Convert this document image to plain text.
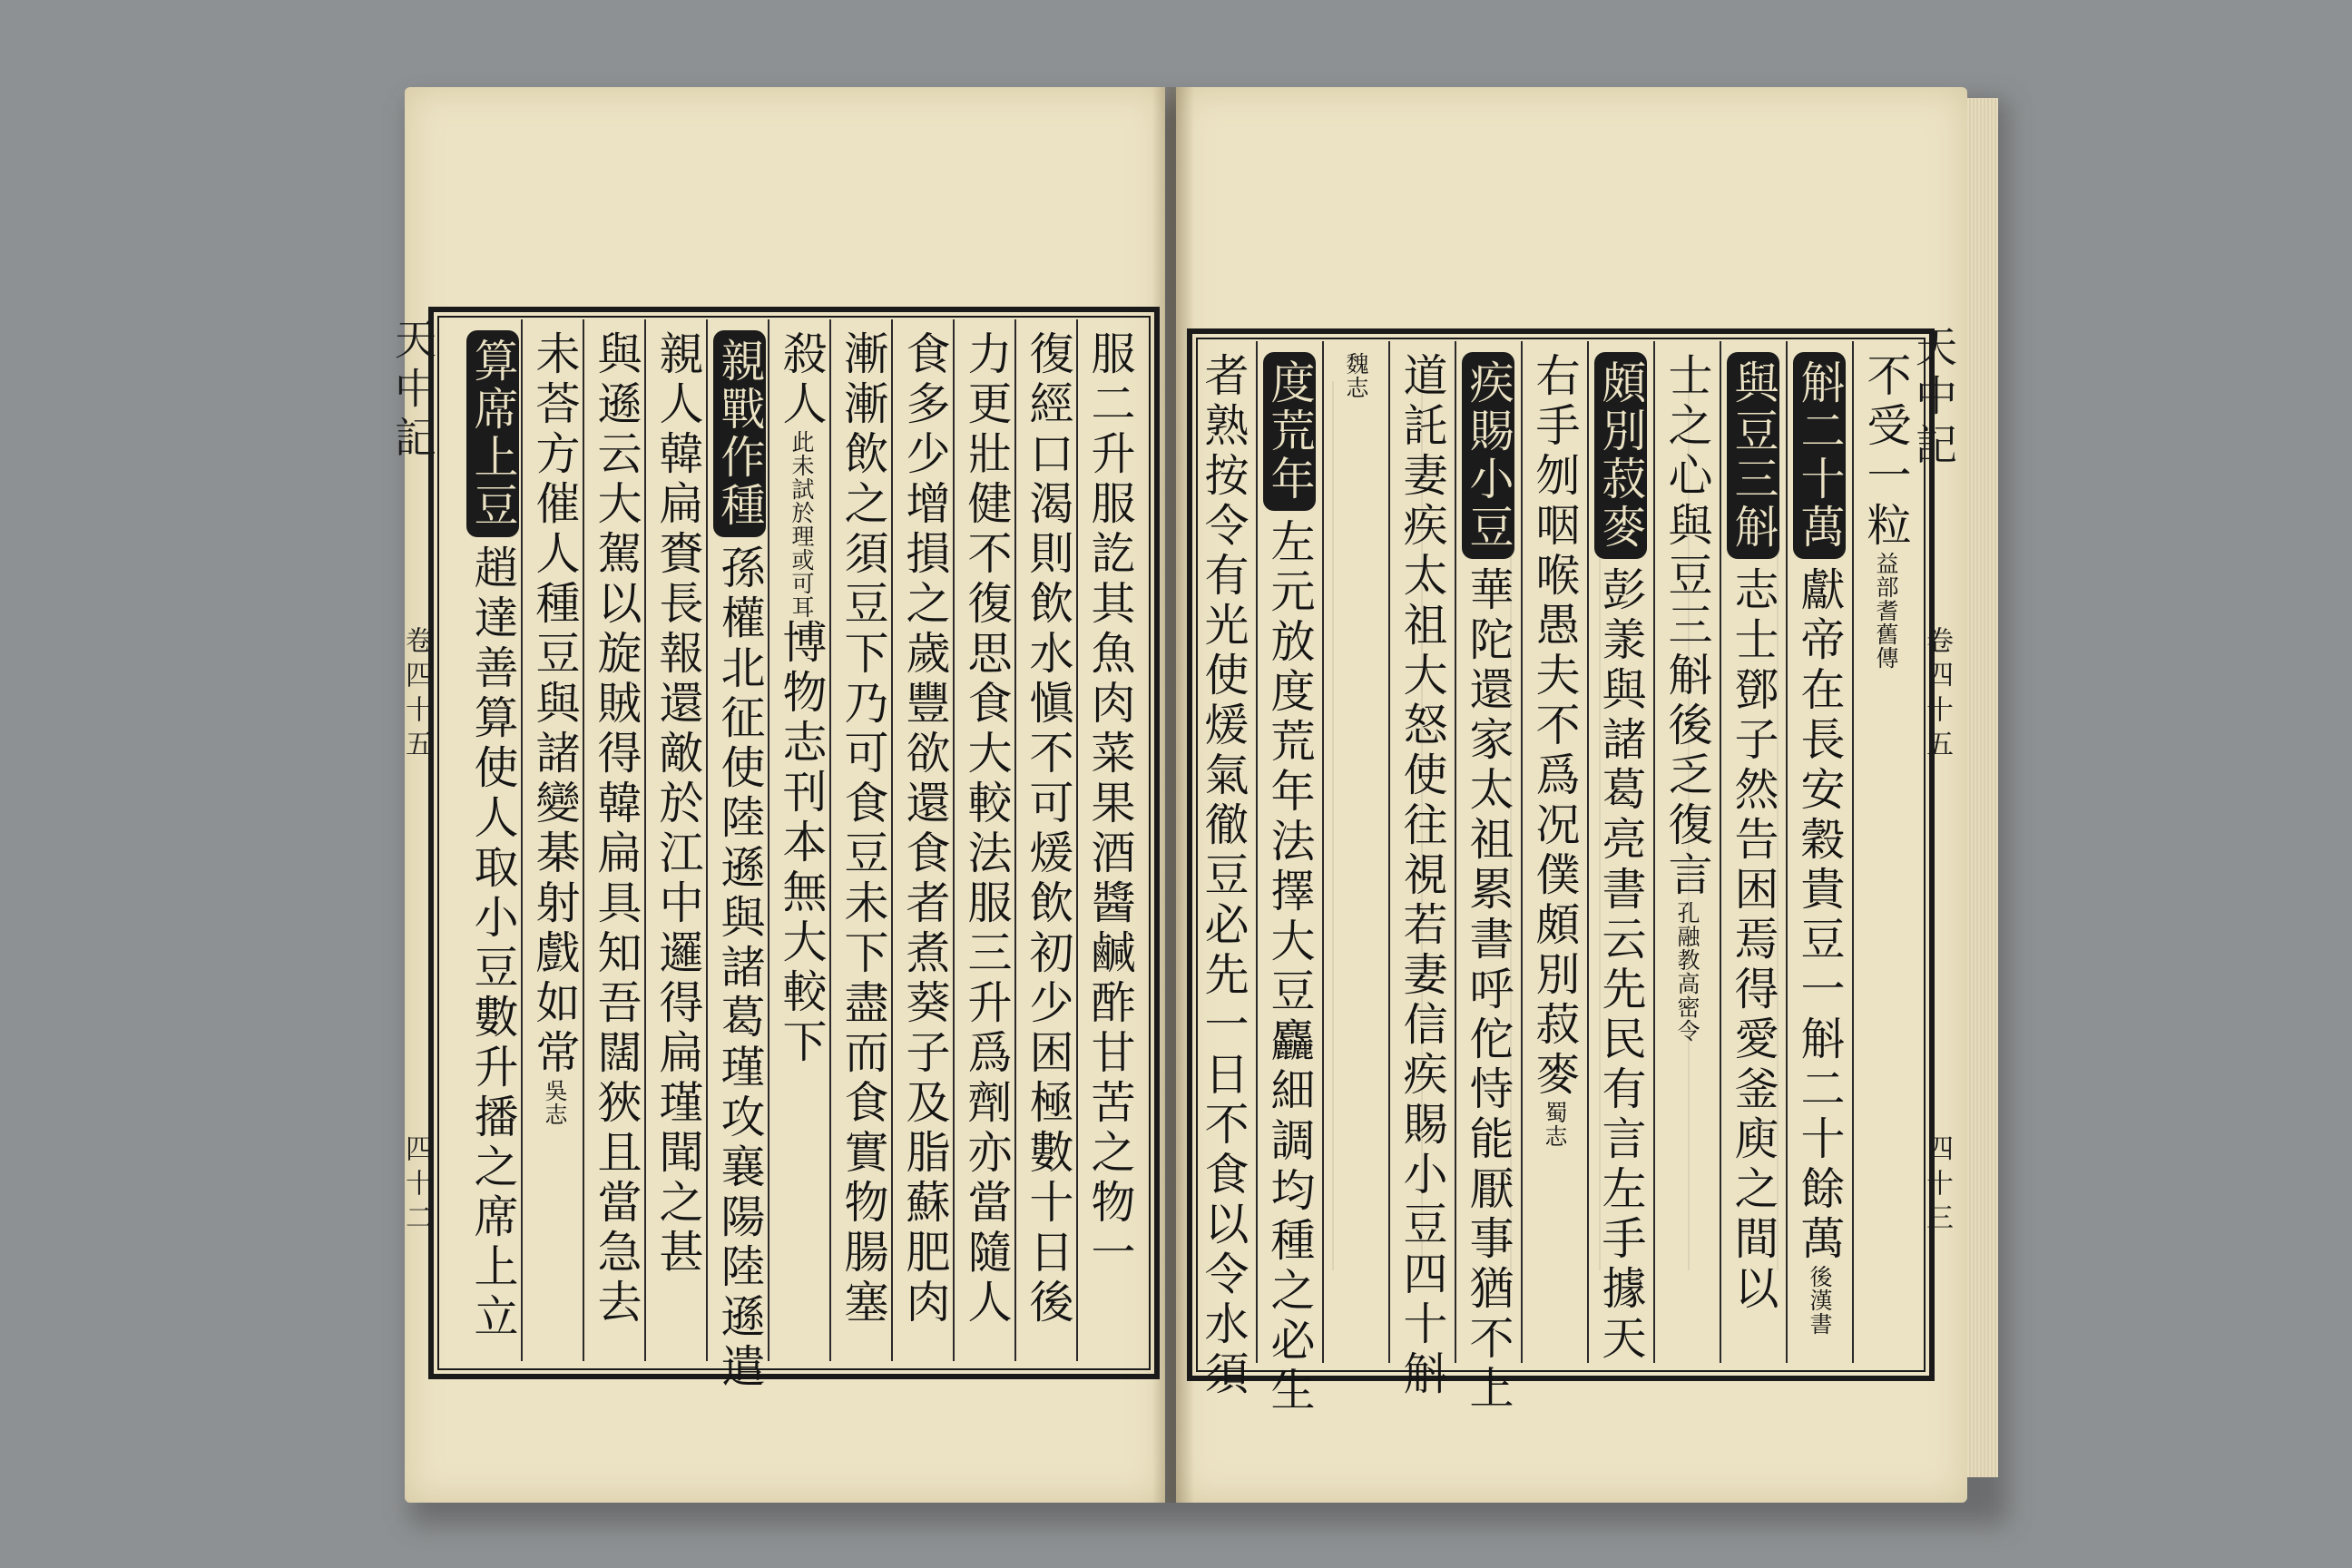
天中記
卷四十五
四十二
天中記
卷四十五
四十三
服二升服訖其魚肉菜果酒醬鹹酢甘苦之物一
復經口渴則飲水愼不可煖飲初少困極數十日後
力更壯健不復思食大較法服三升爲劑亦當隨人
食多少增損之歲豐欲還食者煮葵子及脂蘇肥肉
漸漸飲之須豆下乃可食豆未下盡而食實物腸塞
殺人此未試於理或可耳博物志刊本無大較下
親戰作種孫權北征使陸遜與諸葛瑾攻襄陽陸遜遣
親人韓扁賚長報還敵於江中邏得扁瑾聞之甚
與遜云大駕以旋賊得韓扁具知吾闊狹且當急去
未荅方催人種豆與諸變棊射戲如常吳志
算席上豆趙達善算使人取小豆數升播之席上立
不受一粒益部耆舊傳
斛二十萬獻帝在長安穀貴豆一斛二十餘萬後漢書
與豆三斛志士鄧子然告困焉得愛釜庾之間以
士之心與豆三斛後乏復言孔融教高密令
頗別菽麥彭羕與諸葛亮書云先民有言左手據天
右手刎咽喉愚夫不爲况僕頗別菽麥蜀志
疾賜小豆華陀還家太祖累書呼佗恃能厭事猶不上
道託妻疾太祖大怒使往視若妻信疾賜小豆四十斛
魏志
度荒年左元放度荒年法擇大豆麤細調均種之必生
者熟按令有光使煖氣徹豆必先一日不食以令水須
